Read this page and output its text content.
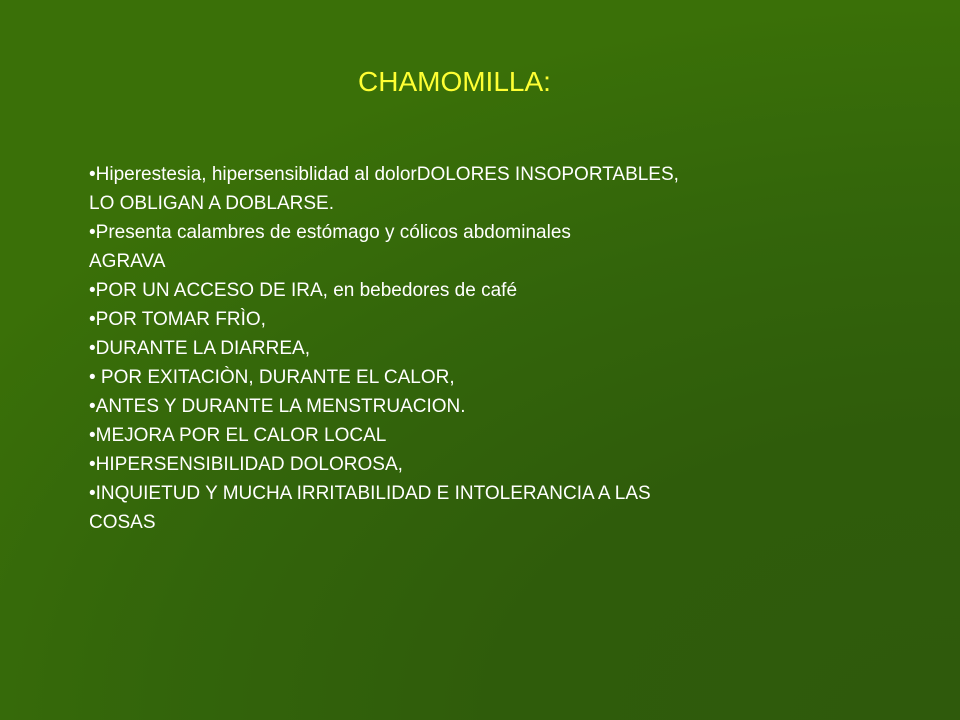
CHAMOMILLA:
•Hiperestesia, hipersensiblidad al dolorDOLORES INSOPORTABLES,
LO OBLIGAN A DOBLARSE.
•Presenta calambres de estómago y cólicos abdominales
AGRAVA
•POR UN ACCESO DE IRA, en bebedores de café
•POR TOMAR FRÌO,
•DURANTE LA DIARREA,
• POR EXITACIÒN, DURANTE EL CALOR,
•ANTES Y DURANTE LA MENSTRUACION.
•MEJORA POR EL CALOR LOCAL
•HIPERSENSIBILIDAD DOLOROSA,
•INQUIETUD Y MUCHA IRRITABILIDAD E INTOLERANCIA A LAS
COSAS
